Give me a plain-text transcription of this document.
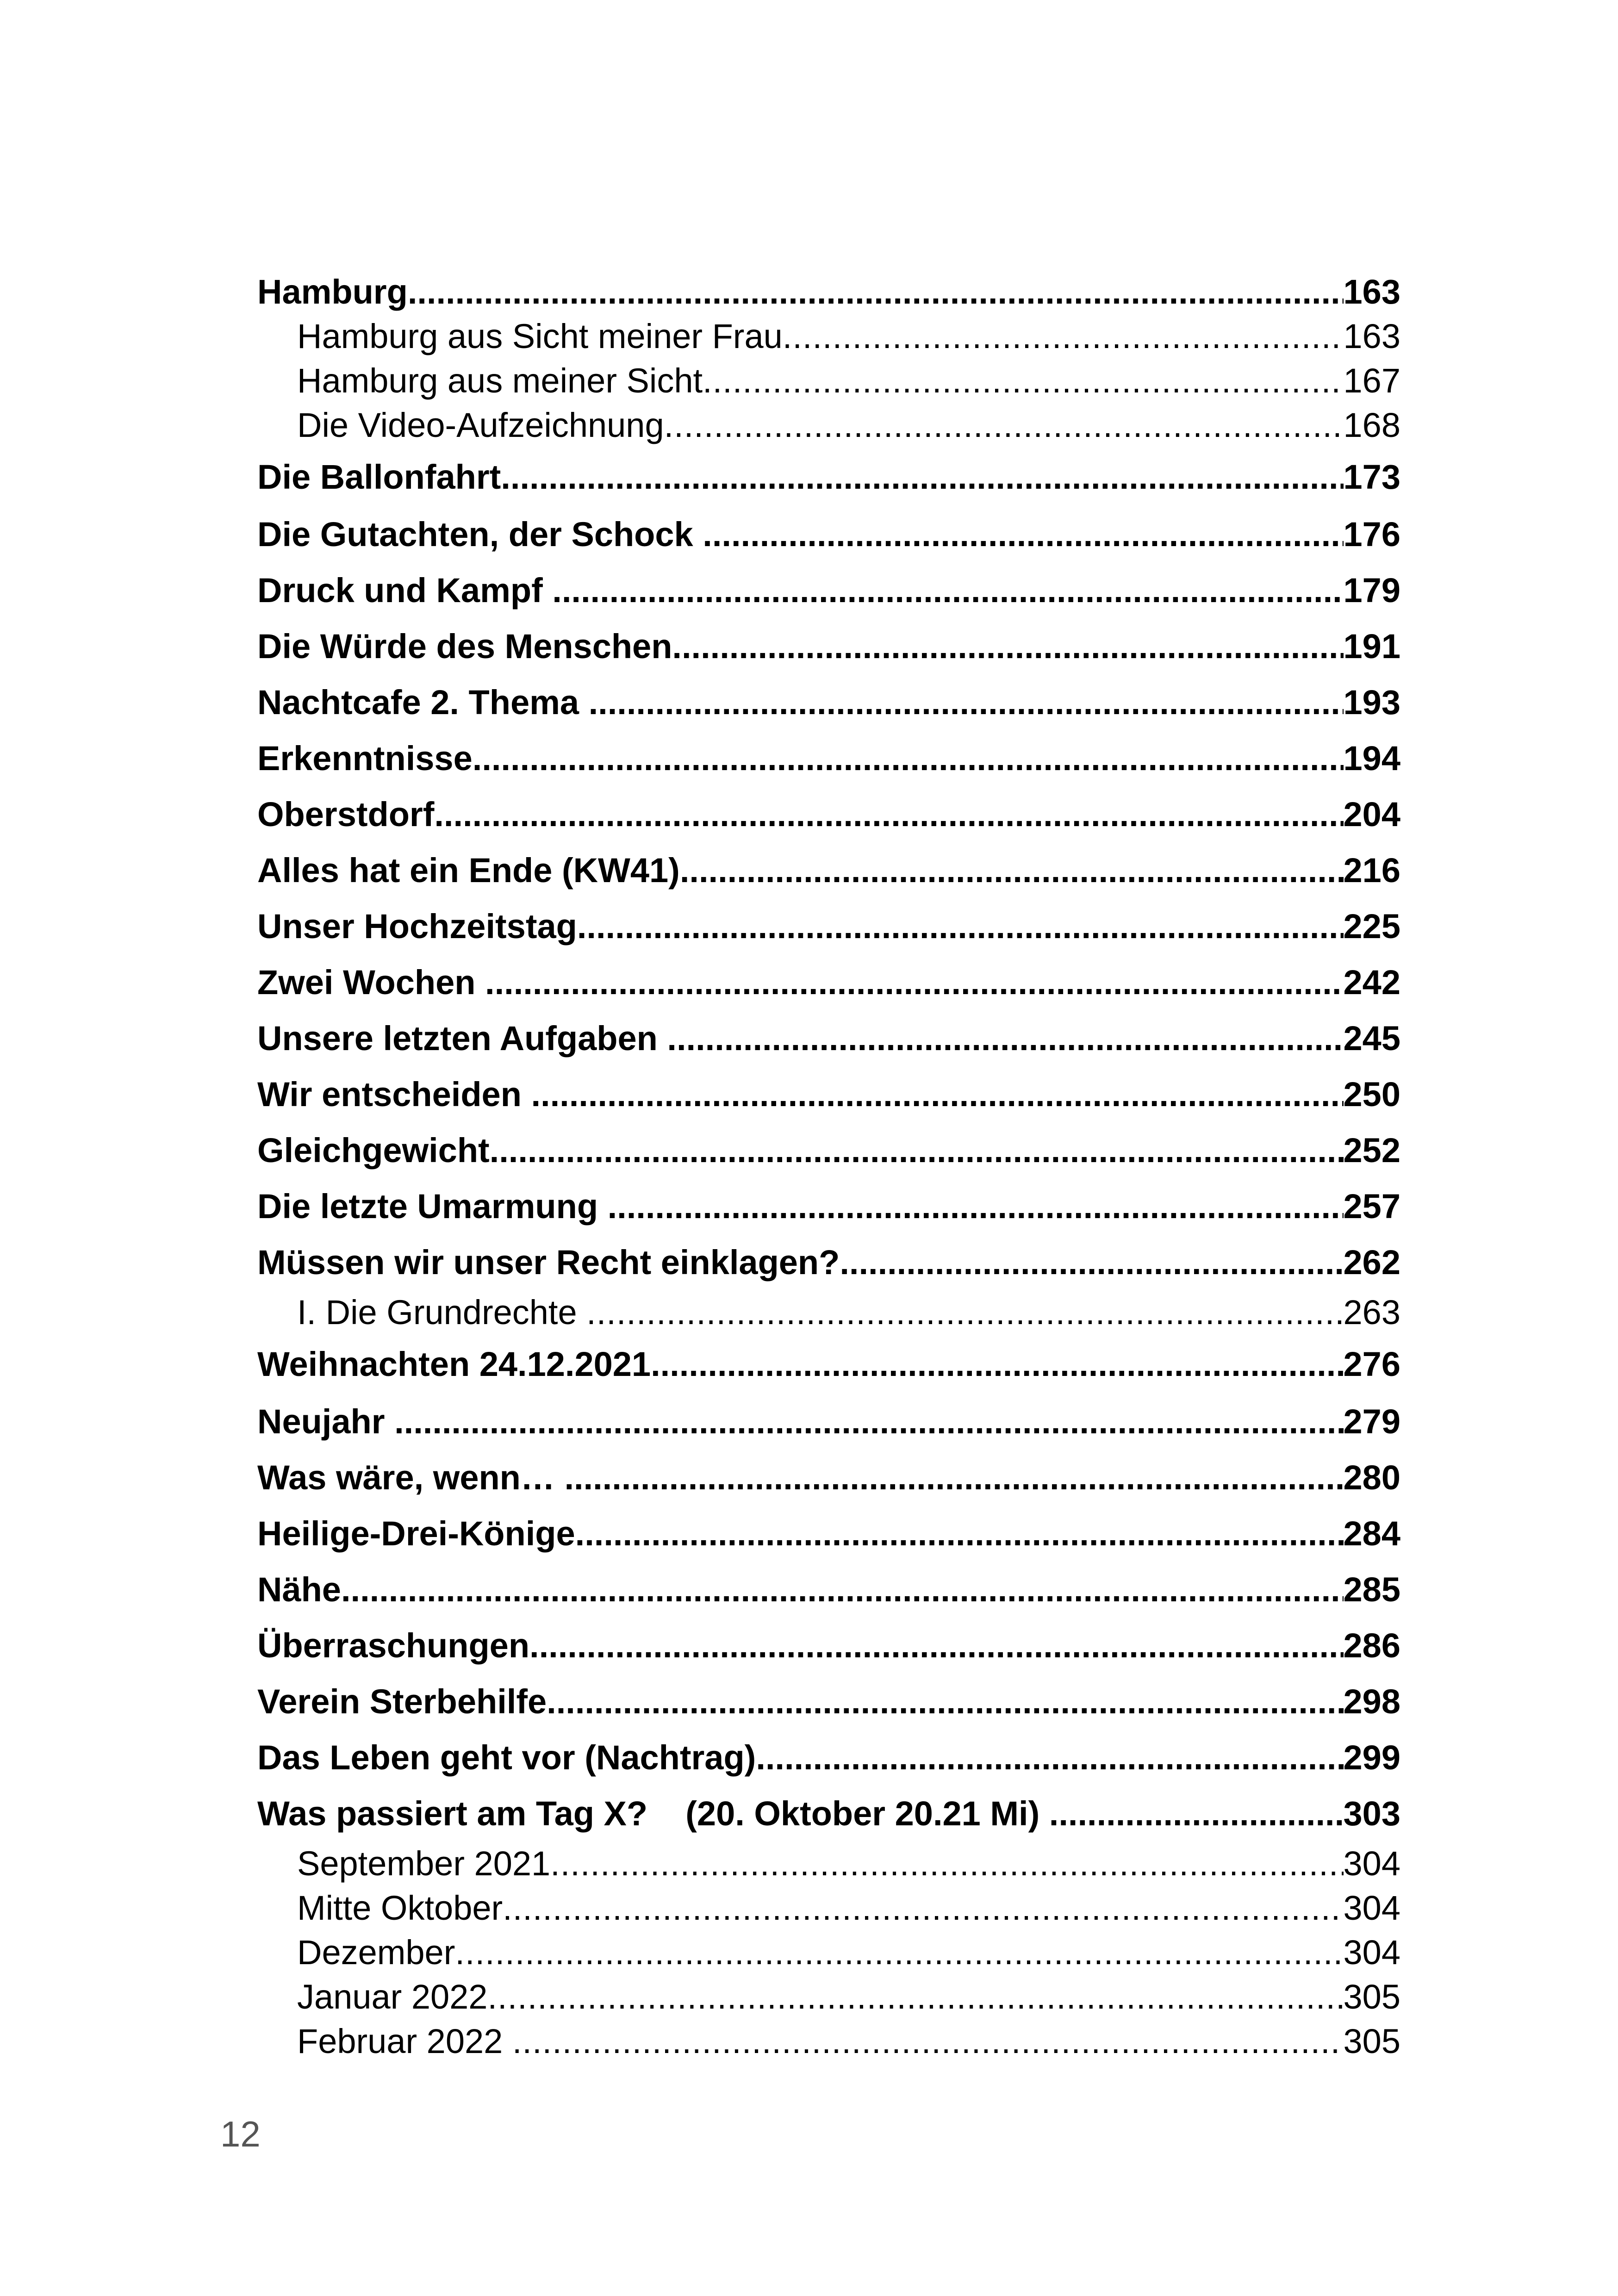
Hamburg .....	163
Hamburg aus Sicht meiner Frau .....	163
Hamburg aus meiner Sicht .....	167
Die Video-Aufzeichnung .....	168
Die Ballonfahrt .....	173
Die Gutachten, der Schock .....	176
Druck und Kampf .....	179
Die Würde des Menschen .....	191
Nachtcafe 2. Thema .....	193
Erkenntnisse .....	194
Oberstdorf .....	204
Alles hat ein Ende (KW41) .....	216
Unser Hochzeitstag .....	225
Zwei Wochen .....	242
Unsere letzten Aufgaben .....	245
Wir entscheiden .....	250
Gleichgewicht .....	252
Die letzte Umarmung .....	257
Müssen wir unser Recht einklagen? .....	262
I. Die Grundrechte .....	263
Weihnachten 24.12.2021 .....	276
Neujahr .....	279
Was wäre, wenn… .....	280
Heilige-Drei-Könige .....	284
Nähe .....	285
Überraschungen .....	286
Verein Sterbehilfe .....	298
Das Leben geht vor (Nachtrag) .....	299
Was passiert am Tag X?    (20. Oktober 20.21 Mi) .....	303
September 2021 .....	304
Mitte Oktober .....	304
Dezember .....	304
Januar 2022 .....	305
Februar 2022 .....	305
12
